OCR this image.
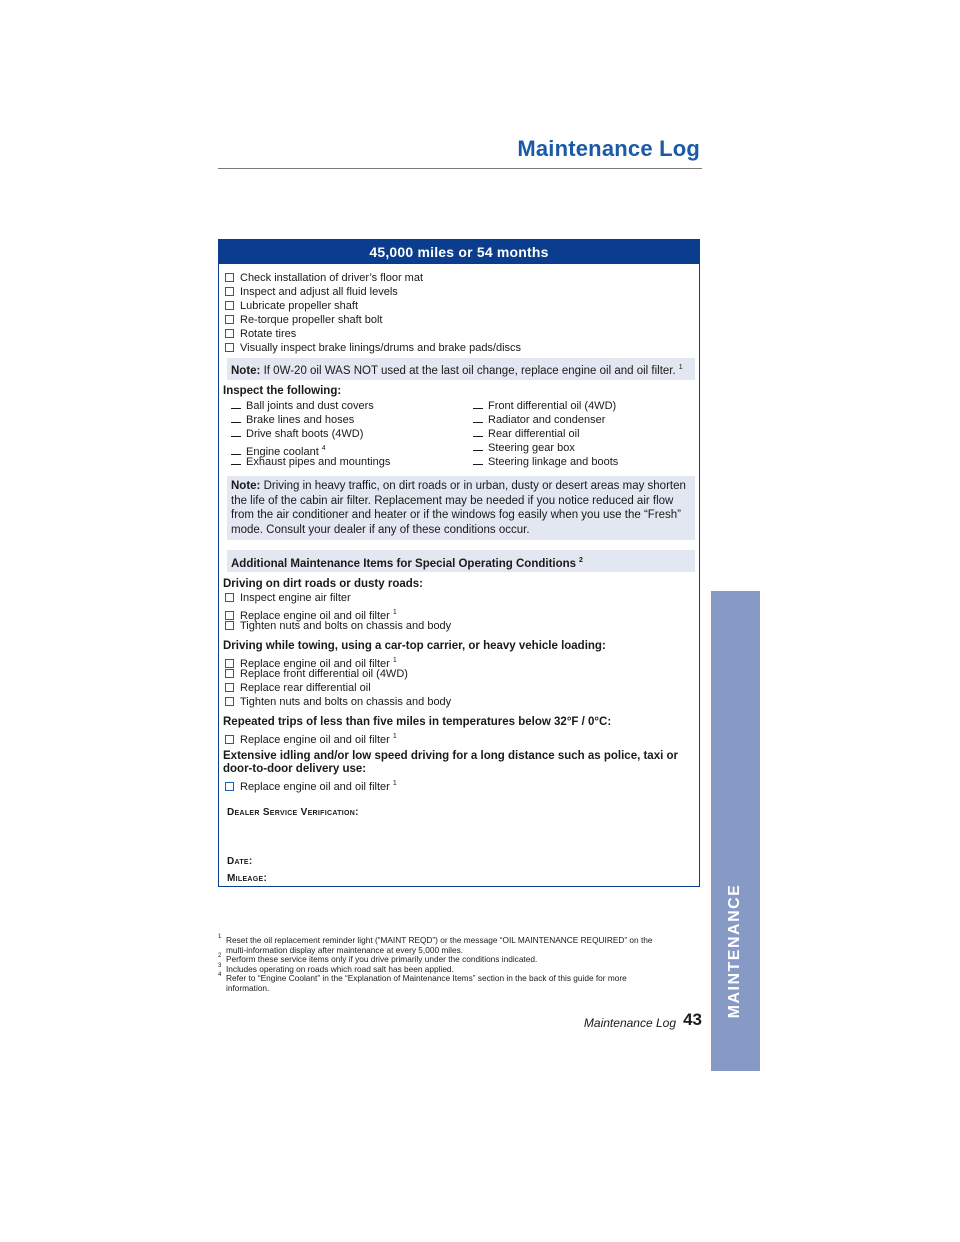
Maintenance Log
MAINTENANCE
45,000 miles or 54 months
Check installation of driver’s floor mat
Inspect and adjust all fluid levels
Lubricate propeller shaft
Re-torque propeller shaft bolt
Rotate tires
Visually inspect brake linings/drums and brake pads/discs
Note: If 0W-20 oil WAS NOT used at the last oil change, replace engine oil and oil filter. $^1$
Inspect the following:
Ball joints and dust covers
Brake lines and hoses
Drive shaft boots (4WD)
Engine coolant $^4$
Exhaust pipes and mountings
Front differential oil (4WD)
Radiator and condenser
Rear differential oil
Steering gear box
Steering linkage and boots
Note: Driving in heavy traffic, on dirt roads or in urban, dusty or desert areas may shorten
the life of the cabin air filter. Replacement may be needed if you notice reduced air flow
from the air conditioner and heater or if the windows fog easily when you use the “Fresh”
mode. Consult your dealer if any of these conditions occur.
Additional Maintenance Items for Special Operating Conditions $^2$
Driving on dirt roads or dusty roads:
Inspect engine air filter
Replace engine oil and oil filter $^1$
Tighten nuts and bolts on chassis and body
Driving while towing, using a car-top carrier, or heavy vehicle loading:
Replace engine oil and oil filter $^1$
Replace front differential oil (4WD)
Replace rear differential oil
Tighten nuts and bolts on chassis and body
Repeated trips of less than five miles in temperatures below 32°F / 0°C:
Replace engine oil and oil filter $^1$
Extensive idling and/or low speed driving for a long distance such as police, taxi or
door-to-door delivery use:
Replace engine oil and oil filter $^1$
Dealer Service Verification:
Date:
Mileage:
1 Reset the oil replacement reminder light (“MAINT REQD”) or the message “OIL MAINTENANCE REQUIRED” on the
multi-information display after maintenance at every 5,000 miles.
2 Perform these service items only if you drive primarily under the conditions indicated.
3 Includes operating on roads which road salt has been applied.
4 Refer to “Engine Coolant” in the “Explanation of Maintenance Items” section in the back of this guide for more
information.
Maintenance Log 43
